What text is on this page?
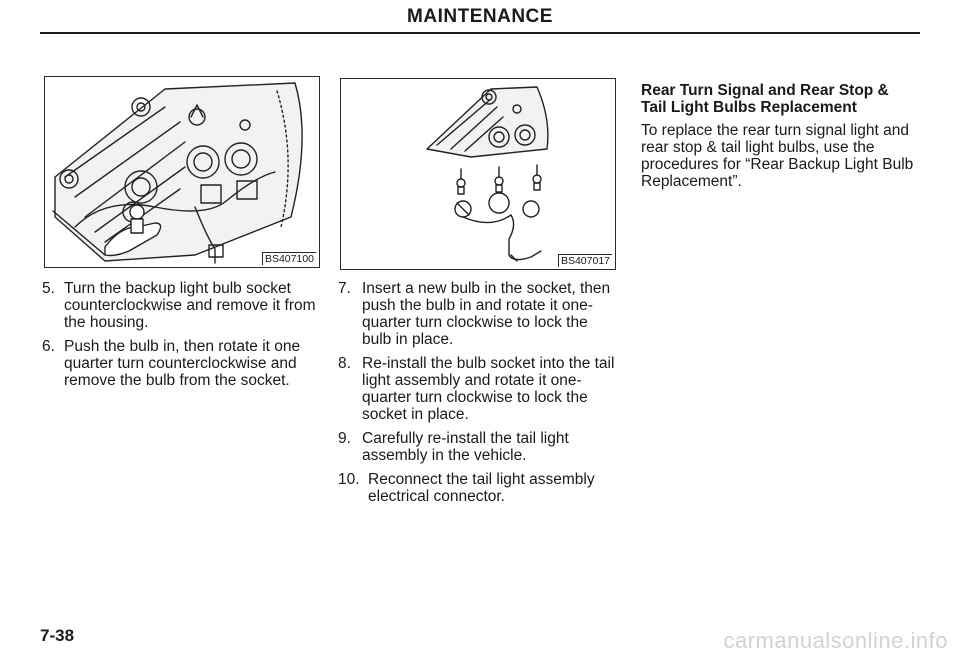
MAINTENANCE
BS407100	BS407017
5. Turn the backup light bulb socket counterclockwise and remove it from the housing.
6. Push the bulb in, then rotate it one quarter turn counterclockwise and remove the bulb from the socket.
7. Insert a new bulb in the socket, then push the bulb in and rotate it one-quarter turn clockwise to lock the bulb in place.
8. Re-install the bulb socket into the tail light assembly and rotate it one-quarter turn clockwise to lock the socket in place.
9. Carefully re-install the tail light assembly in the vehicle.
10. Reconnect the tail light assembly electrical connector.
Rear Turn Signal and Rear Stop & Tail Light Bulbs Replacement
To replace the rear turn signal light and rear stop & tail light bulbs, use the procedures for “Rear Backup Light Bulb Replacement”.
7-38	carmanualsonline.info
